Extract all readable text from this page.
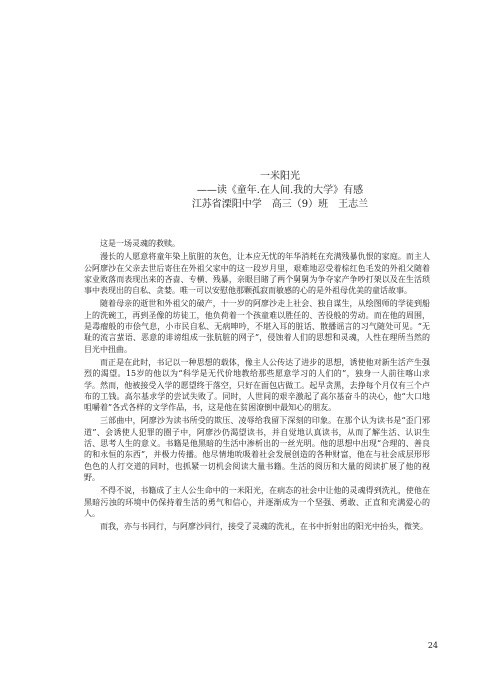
一米阳光
——读《童年.在人间.我的大学》有感
江苏省溧阳中学　高三（9）班　王志兰

这是一场灵魂的救赎。

漫长的人愿意将童年染上肮脏的灰色，让本应无忧的年华消耗在充满残暴仇恨的家庭。而主人公阿廖沙在父亲去世后寄住在外祖父家中的这一段岁月里，艰难地忍受着棕红色毛发的外祖父随着家业败落而表现出来的吝啬、专横、残暴，亲眼目睹了两个舅舅为争夺家产争吵打架以及在生活琐事中表现出的自私、贪婪。唯一可以安慰他那颗孤寂而敏感的心的是外祖母优美的童话故事。

随着母亲的逝世和外祖父的破产，十一岁的阿廖沙走上社会、独自谋生，从绘图师的学徒到船上的洗碗工，再到圣像的坊徒工，他负荷着一个孩童难以胜任的、苦役般的劳动。而在他的周围，是毒瘤般的市侩气息，小市民自私、无病呻吟，不堪入耳的脏话、散播谣言的习气随处可见。“无耻的流言蜚语、恶意的诽谤组成一张肮脏的网子”，侵蚀着人们的思想和灵魂，人性在理所当然的目光中扭曲。

而正是在此时，书记以一种思想的载体，像主人公传达了进步的思想，诱使他对新生活产生强烈的渴望。15岁的他以为“科学是无代价地教给那些愿意学习的人们的”，独身一人前往喀山求学。然而，他被接受入学的愿望终于落空，只好在面包店做工。起早贪黑，去挣每个月仅有三个卢布的工钱。高尔基求学的尝试失败了。同时，人世间的艰辛激起了高尔基奋斗的决心，他“大口地咀嚼着”各式各样的文学作品，书，这是他在贫困潦倒中最知心的朋友。

三部曲中，阿廖沙为读书所受的欺压、凌辱给我留下深刻的印象。在那个认为读书是“歪门邪道”、会诱使人犯罪的圈子中，阿廖沙仍渴望读书，并自觉地认真读书，从而了解生活、认识生活、思考人生的意义。书籍是他黑暗的生活中渗析出的一丝光明。他的思想中出现“合理的、善良的和永恒的东西”，并极力传播。他尽情地吮吸着社会发展创造的各种财富，他在与社会成层形形色色的人打交道的同时，也抓紧一切机会阅读大量书籍。生活的阅历和大量的阅读扩展了他的视野。

不得不说，书籍成了主人公生命中的一米阳光，在病态的社会中让他的灵魂得到洗礼，使他在黑暗污浊的环境中仍保持着生活的勇气和信心，并逐渐成为一个坚强、勇敢、正直和充满爱心的人。

而我，亦与书同行，与阿廖沙同行，接受了灵魂的洗礼，在书中折射出的阳光中抬头，微笑。

24
